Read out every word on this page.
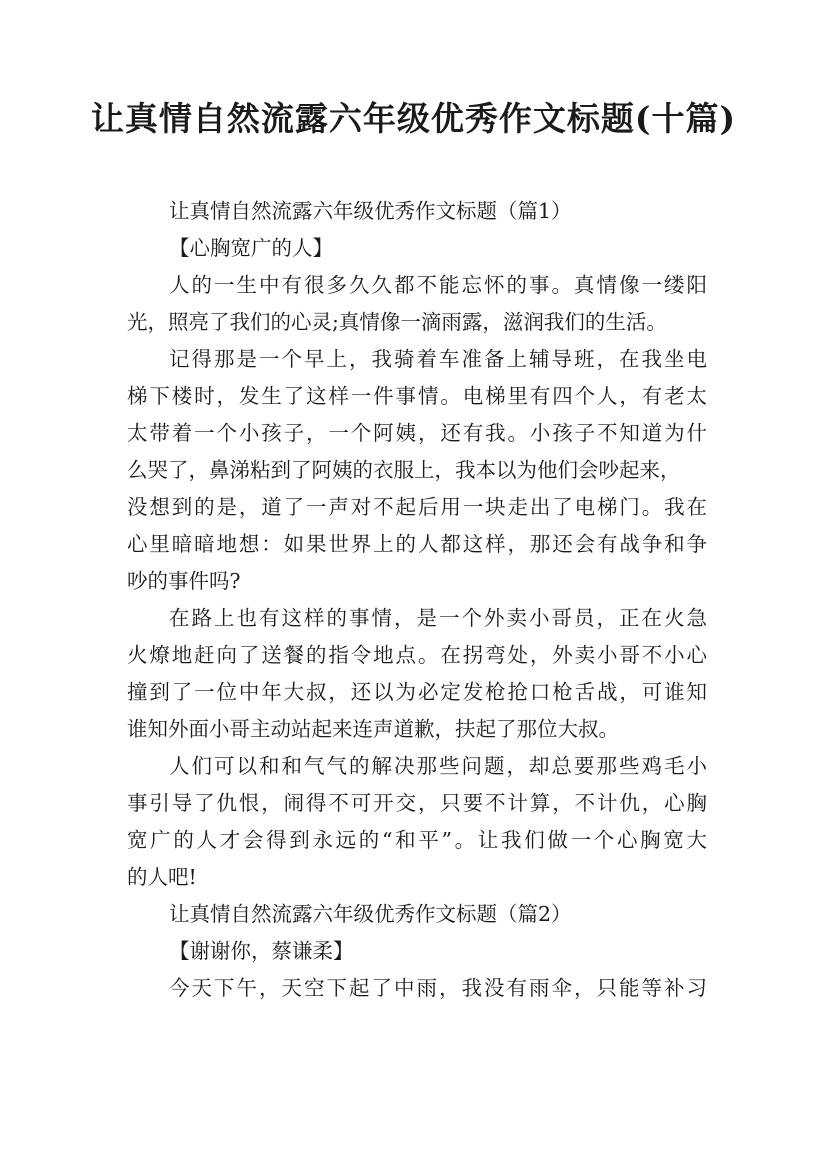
让真情自然流露六年级优秀作文标题(十篇)
让真情自然流露六年级优秀作文标题（篇1）
【心胸宽广的人】
人的一生中有很多久久都不能忘怀的事。真情像一缕阳
光，照亮了我们的心灵;真情像一滴雨露，滋润我们的生活。
记得那是一个早上，我骑着车准备上辅导班，在我坐电
梯下楼时，发生了这样一件事情。电梯里有四个人，有老太
太带着一个小孩子，一个阿姨，还有我。小孩子不知道为什
么哭了，鼻涕粘到了阿姨的衣服上，我本以为他们会吵起来，
没想到的是，道了一声对不起后用一块走出了电梯门。我在
心里暗暗地想：如果世界上的人都这样，那还会有战争和争
吵的事件吗?
在路上也有这样的事情，是一个外卖小哥员，正在火急
火燎地赶向了送餐的指令地点。在拐弯处，外卖小哥不小心
撞到了一位中年大叔，还以为必定发枪抢口枪舌战，可谁知
谁知外面小哥主动站起来连声道歉，扶起了那位大叔。
人们可以和和气气的解决那些问题，却总要那些鸡毛小
事引导了仇恨，闹得不可开交，只要不计算，不计仇，心胸
宽广的人才会得到永远的“和平”。让我们做一个心胸宽大
的人吧!
让真情自然流露六年级优秀作文标题（篇2）
【谢谢你，蔡谦柔】
今天下午，天空下起了中雨，我没有雨伞，只能等补习
